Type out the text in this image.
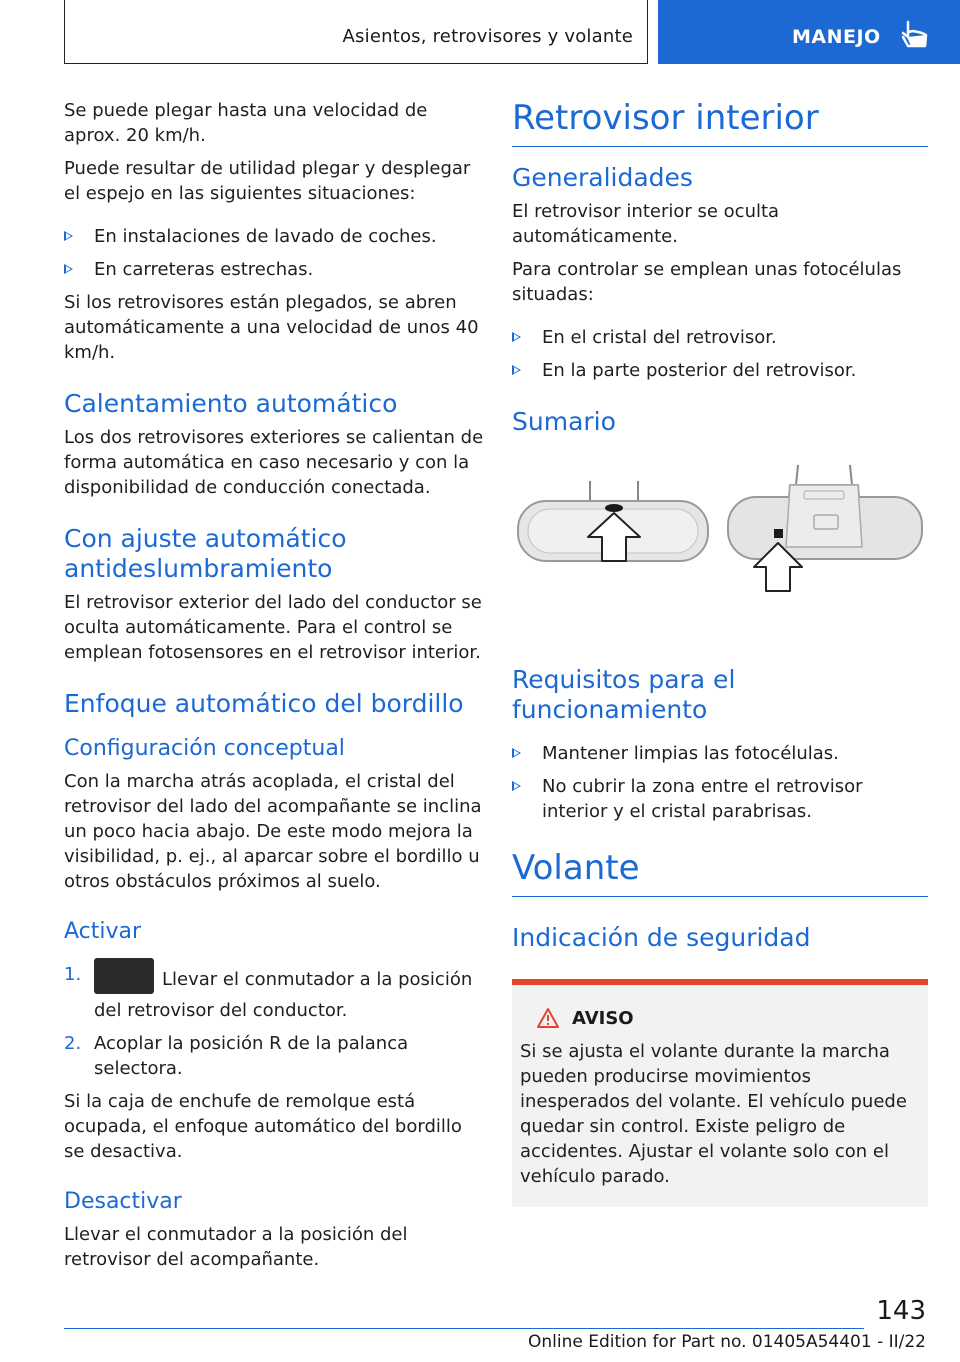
Asientos, retrovisores y volante	MANEJO

Se puede plegar hasta una velocidad de aprox. 20 km/h.

Puede resultar de utilidad plegar y desplegar el espejo en las siguientes situaciones:

En instalaciones de lavado de coches.
En carreteras estrechas.

Si los retrovisores están plegados, se abren automáticamente a una velocidad de unos 40 km/h.

Calentamiento automático

Los dos retrovisores exteriores se calientan de forma automática en caso necesario y con la disponibilidad de conducción conectada.

Con ajuste automático antideslumbramiento

El retrovisor exterior del lado del conductor se oculta automáticamente. Para el control se emplean fotosensores en el retrovisor interior.

Enfoque automático del bordillo
Configuración conceptual

Con la marcha atrás acoplada, el cristal del retrovisor del lado del acompañante se inclina un poco hacia abajo. De este modo mejora la visibilidad, p. ej., al aparcar sobre el bordillo u otros obstáculos próximos al suelo.

Activar
1.	Llevar el conmutador a la posición del retrovisor del conductor.
2. Acoplar la posición R de la palanca selectora.

Si la caja de enchufe de remolque está ocupada, el enfoque automático del bordillo se desactiva.

Desactivar

Llevar el conmutador a la posición del retrovisor del acompañante.

Retrovisor interior
Generalidades

El retrovisor interior se oculta automáticamente.

Para controlar se emplean unas fotocélulas situadas:

En el cristal del retrovisor.
En la parte posterior del retrovisor.
Sumario
Requisitos para el funcionamiento
Mantener limpias las fotocélulas.
No cubrir la zona entre el retrovisor interior y el cristal parabrisas.
Volante
Indicación de seguridad
AVISO

Si se ajusta el volante durante la marcha pueden producirse movimientos inesperados del volante. El vehículo puede quedar sin control. Existe peligro de accidentes. Ajustar el volante solo con el vehículo parado.

143
Online Edition for Part no. 01405A54401 - II/22
